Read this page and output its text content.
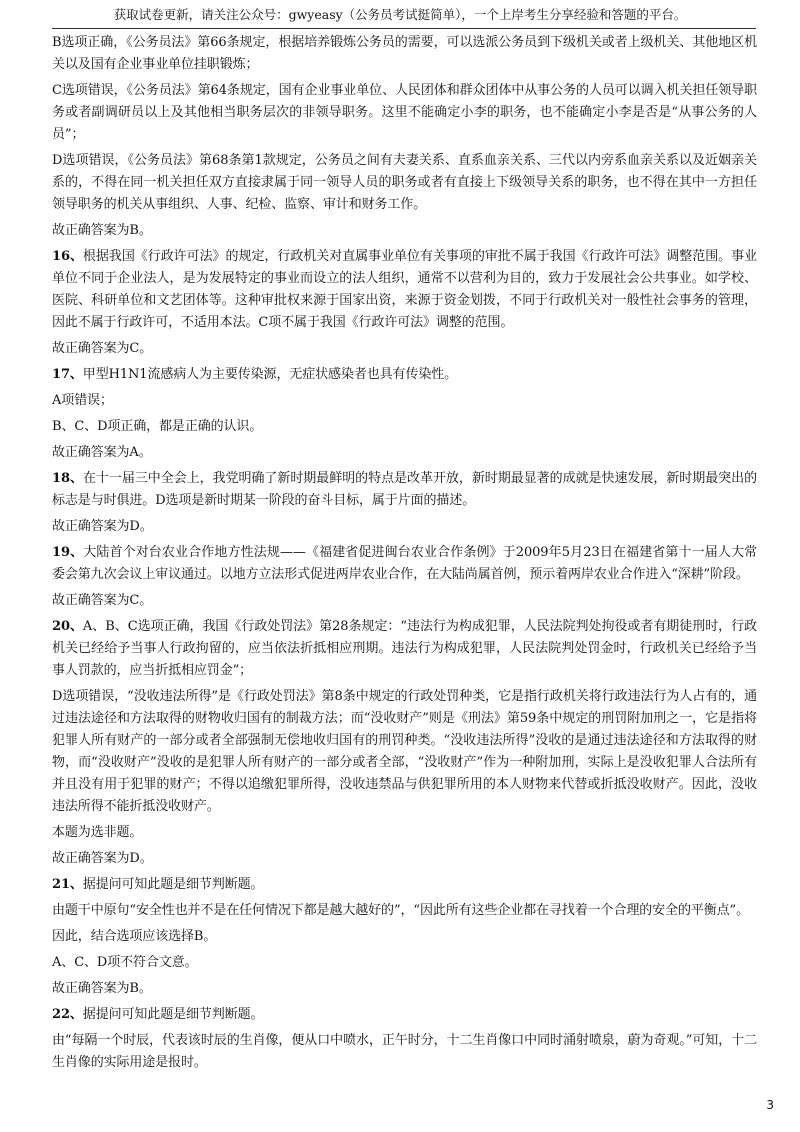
获取试卷更新，请关注公众号：gwyeasy（公务员考试挺简单），一个上岸考生分享经验和答题的平台。

B选项正确，《公务员法》第66条规定，根据培养锻炼公务员的需要，可以选派公务员到下级机关或者上级机关、其他地区机关以及国有企业事业单位挂职锻炼；

C选项错误，《公务员法》第64条规定，国有企业事业单位、人民团体和群众团体中从事公务的人员可以调入机关担任领导职务或者副调研员以上及其他相当职务层次的非领导职务。这里不能确定小李的职务，也不能确定小李是否是“从事公务的人员”；

D选项错误，《公务员法》第68条第1款规定，公务员之间有夫妻关系、直系血亲关系、三代以内旁系血亲关系以及近姻亲关系的，不得在同一机关担任双方直接隶属于同一领导人员的职务或者有直接上下级领导关系的职务，也不得在其中一方担任领导职务的机关从事组织、人事、纪检、监察、审计和财务工作。

故正确答案为B。

16、根据我国《行政许可法》的规定，行政机关对直属事业单位有关事项的审批不属于我国《行政许可法》调整范围。事业单位不同于企业法人，是为发展特定的事业而设立的法人组织，通常不以营利为目的，致力于发展社会公共事业。如学校、医院、科研单位和文艺团体等。这种审批权来源于国家出资，来源于资金划拨，不同于行政机关对一般性社会事务的管理，因此不属于行政许可，不适用本法。C项不属于我国《行政许可法》调整的范围。

故正确答案为C。

17、甲型H1N1流感病人为主要传染源，无症状感染者也具有传染性。

A项错误；

B、C、D项正确，都是正确的认识。

故正确答案为A。

18、在十一届三中全会上，我党明确了新时期最鲜明的特点是改革开放，新时期最显著的成就是快速发展，新时期最突出的标志是与时俱进。D选项是新时期某一阶段的奋斗目标，属于片面的描述。

故正确答案为D。

19、大陆首个对台农业合作地方性法规——《福建省促进闽台农业合作条例》于2009年5月23日在福建省第十一届人大常委会第九次会议上审议通过。以地方立法形式促进两岸农业合作，在大陆尚属首例，预示着两岸农业合作进入“深耕”阶段。

故正确答案为C。

20、A、B、C选项正确，我国《行政处罚法》第28条规定：“违法行为构成犯罪，人民法院判处拘役或者有期徒刑时，行政机关已经给予当事人行政拘留的，应当依法折抵相应刑期。违法行为构成犯罪，人民法院判处罚金时，行政机关已经给予当事人罚款的，应当折抵相应罚金”；

D选项错误，“没收违法所得”是《行政处罚法》第8条中规定的行政处罚种类，它是指行政机关将行政违法行为人占有的，通过违法途径和方法取得的财物收归国有的制裁方法；而“没收财产”则是《刑法》第59条中规定的刑罚附加刑之一，它是指将犯罪人所有财产的一部分或者全部强制无偿地收归国有的刑罚种类。“没收违法所得”没收的是通过违法途径和方法取得的财物，而“没收财产”没收的是犯罪人所有财产的一部分或者全部，“没收财产”作为一种附加刑，实际上是没收犯罪人合法所有并且没有用于犯罪的财产；不得以追缴犯罪所得，没收违禁品与供犯罪所用的本人财物来代替或折抵没收财产。因此，没收违法所得不能折抵没收财产。

本题为选非题。

故正确答案为D。

21、据提问可知此题是细节判断题。

由题干中原句“安全性也并不是在任何情况下都是越大越好的”，“因此所有这些企业都在寻找着一个合理的安全的平衡点”。

因此，结合选项应该选择B。

A、C、D项不符合文意。

故正确答案为B。

22、据提问可知此题是细节判断题。

由“每隔一个时辰，代表该时辰的生肖像，便从口中喷水，正午时分，十二生肖像口中同时涌射喷泉，蔚为奇观。”可知，十二生肖像的实际用途是报时。

3
